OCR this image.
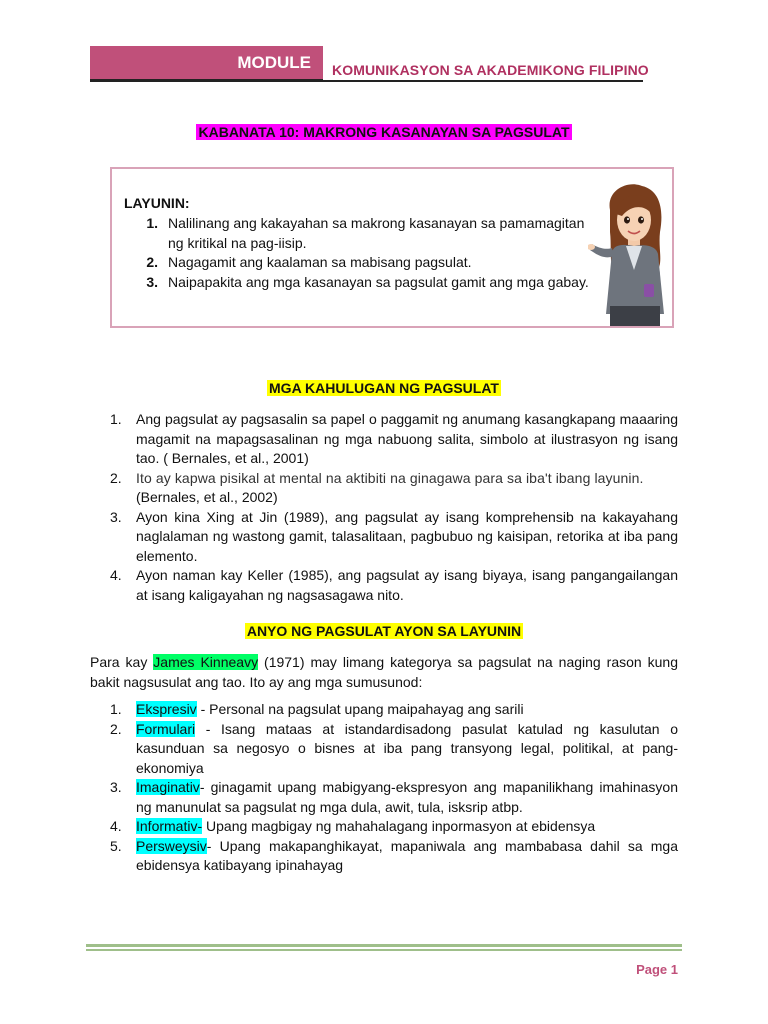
MODULE KOMUNIKASYON SA AKADEMIKONG FILIPINO
KABANATA 10: MAKRONG KASANAYAN SA PAGSULAT
LAYUNIN:
1. Nalilinang ang kakayahan sa makrong kasanayan sa pamamagitan ng kritikal na pag-iisip.
2. Nagagamit ang kaalaman sa mabisang pagsulat.
3. Naipapakita ang mga kasanayan sa pagsulat gamit ang mga gabay.
MGA KAHULUGAN NG PAGSULAT
1.	Ang pagsulat ay pagsasalin sa papel o paggamit ng anumang kasangkapang maaaring magamit na mapagsasalinan ng mga nabuong salita, simbolo at ilustrasyon ng isang tao. ( Bernales, et al., 2001)
2.	Ito ay kapwa pisikal at mental na aktibiti na ginagawa para sa iba't ibang layunin.
(Bernales, et al., 2002)
3.	Ayon kina Xing at Jin (1989), ang pagsulat ay isang komprehensib na kakayahang naglalaman ng wastong gamit, talasalitaan, pagbubuo ng kaisipan, retorika at iba pang elemento.
4.	Ayon naman kay Keller (1985), ang pagsulat ay isang biyaya, isang pangangailangan at isang kaligayahan ng nagsasagawa nito.
ANYO NG PAGSULAT AYON SA LAYUNIN
Para kay James Kinneavy (1971) may limang kategorya sa pagsulat na naging rason kung bakit nagsusulat ang tao. Ito ay ang mga sumusunod:
1.	Ekspresiv - Personal na pagsulat upang maipahayag ang sarili
2.	Formulari - Isang mataas at istandardisadong pasulat katulad ng kasulutan o kasunduan sa negosyo o bisnes at iba pang transyong legal, politikal, at pang-ekonomiya
3.	Imaginativ- ginagamit upang mabigyang-ekspresyon ang mapanilikhang imahinasyon ng manunulat sa pagsulat ng mga dula, awit, tula, isksrip atbp.
4.	Informativ- Upang magbigay ng mahahalagang inpormasyon at ebidensya
5.	Persweysiv- Upang makapanghikayat, mapaniwala ang mambabasa dahil sa mga ebidensya katibayang ipinahayag
Page 1
